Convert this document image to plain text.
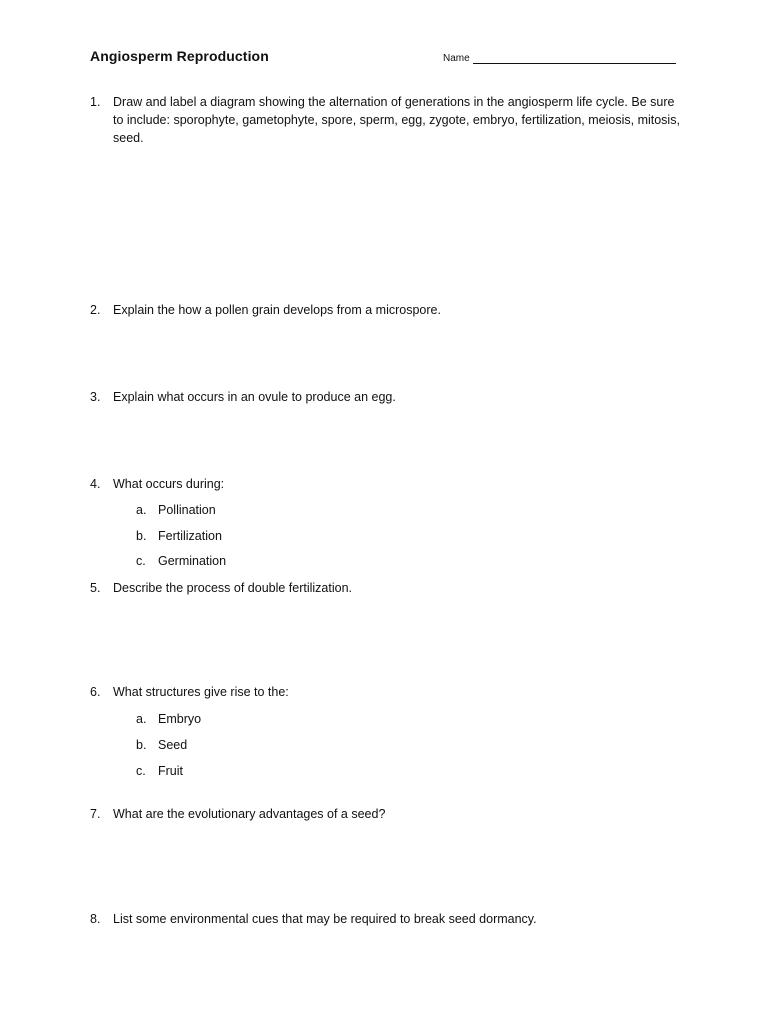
Angiosperm Reproduction	Name
1.	Draw and label a diagram showing the alternation of generations in the angiosperm life cycle. Be sure to include: sporophyte, gametophyte, spore, sperm, egg, zygote, embryo, fertilization, meiosis, mitosis, seed.
2.	Explain the how a pollen grain develops from a microspore.
3.	Explain what occurs in an ovule to produce an egg.
4.	What occurs during:
a. Pollination
b. Fertilization
c. Germination
5.	Describe the process of double fertilization.
6.	What structures give rise to the:
a. Embryo
b. Seed
c. Fruit
7.	What are the evolutionary advantages of a seed?
8.	List some environmental cues that may be required to break seed dormancy.
